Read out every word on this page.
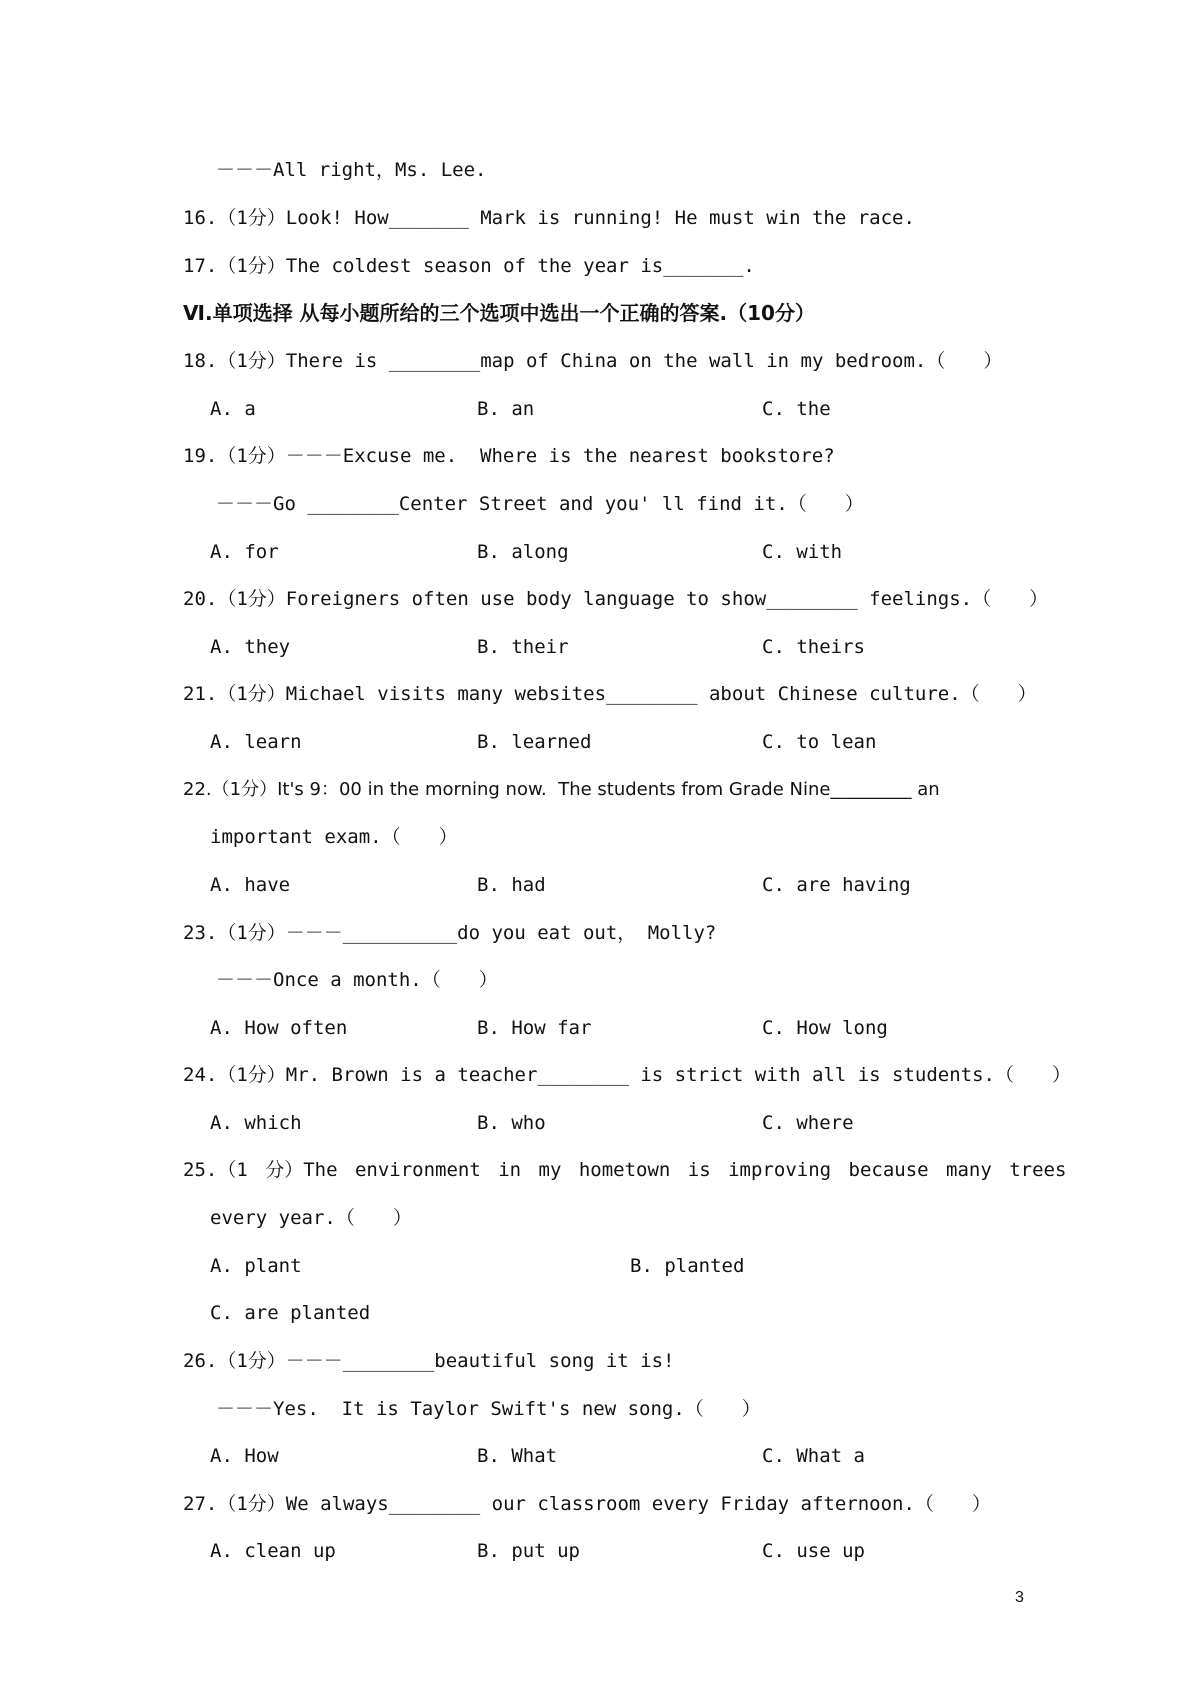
－－－All right，Ms. Lee.
16.（1分）Look! How_______ Mark is running! He must win the race.
17.（1分）The coldest season of the year is_______.
Ⅵ.单项选择 从每小题所给的三个选项中选出一个正确的答案.（10分）
18.（1分）There is ________map of China on the wall in my bedroom.（　　）
A. a	B. an	C. the
19.（1分）－－－Excuse me.  Where is the nearest bookstore?
－－－Go ________Center Street and you' ll find it.（　　）
A. for	B. along	C. with
20.（1分）Foreigners often use body language to show________ feelings.（　　）
A. they	B. their	C. theirs
21.（1分）Michael visits many websites________ about Chinese culture.（　　）
A. learn	B. learned	C. to lean
22.（1分）It's 9：00 in the morning now.  The students from Grade Nine_________ an
important exam.（　　）
A. have	B. had	C. are having
23.（1分）－－－__________do you eat out， Molly?
－－－Once a month.（　　）
A. How often	B. How far	C. How long
24.（1分）Mr. Brown is a teacher________ is strict with all is students.（　　）
A. which	B. who	C. where
25.（1 分）The environment in my hometown is improving because many trees
every year.（　　）
A. plant	B. planted
C. are planted
26.（1分）－－－________beautiful song it is!
－－－Yes.  It is Taylor Swift's new song.（　　）
A. How	B. What	C. What a
27.（1分）We always________ our classroom every Friday afternoon.（　　）
A. clean up	B. put up	C. use up
3
